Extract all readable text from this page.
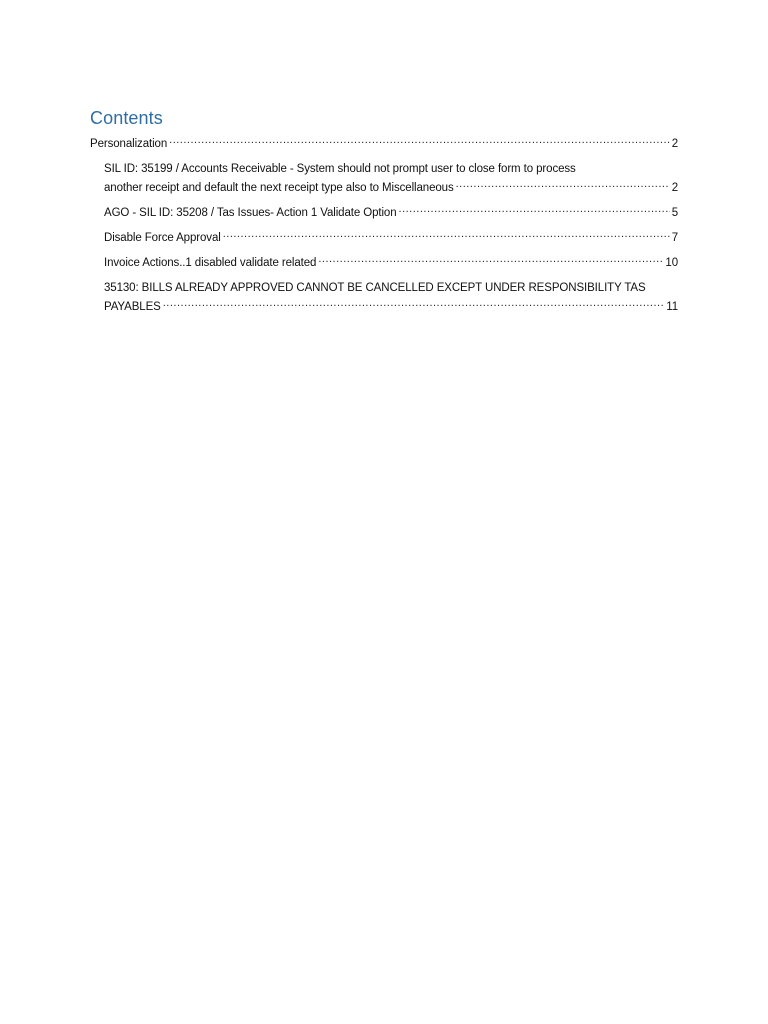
Contents
Personalization .....	2
SIL ID: 35199 / Accounts Receivable - System should not prompt user to close form to process
another receipt and default the next receipt type also to Miscellaneous .....	2
AGO - SIL ID: 35208 / Tas Issues- Action 1 Validate Option .....	5
Disable Force Approval .....	7
Invoice Actions..1 disabled validate related .....	10
35130: BILLS ALREADY APPROVED CANNOT BE CANCELLED EXCEPT UNDER RESPONSIBILITY TAS
PAYABLES .....	11
